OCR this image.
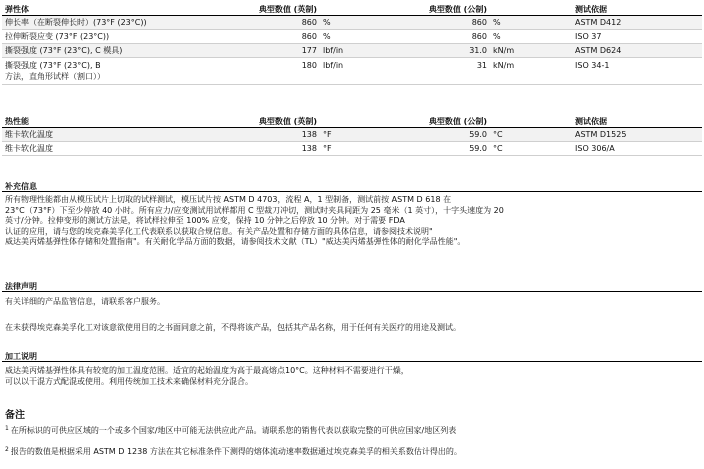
弹性体	典型数值 (英制)		典型数值 (公制)		测试依据
伸长率（在断裂伸长时）(73°F (23°C))	860	%	860	%	ASTM D412
拉伸断裂应变 (73°F (23°C))	860	%	860	%	ISO 37
撕裂强度 (73°F (23°C), C 模具)	177	lbf/in	31.0	kN/m	ASTM D624
撕裂强度 (73°F (23°C), B
方法，直角形试样（割口））	180	lbf/in	31	kN/m	ISO 34-1
热性能	典型数值 (英制)		典型数值 (公制)		测试依据
维卡软化温度	138	°F	59.0	°C	ASTM D1525
维卡软化温度	138	°F	59.0	°C	ISO 306/A
补充信息
所有物理性能都由从模压试片上切取的试样测试，模压试片按 ASTM D 4703，流程 A，1 型制备，测试前按 ASTM D 618 在
23°C（73°F）下至少停放 40 小时。所有应力/应变测试用试样都用 C 型裁刀冲切，测试时夹具间距为 25 毫米（1 英寸），十字头速度为 20
英寸/分钟。拉伸变形的测试方法是，将试样拉伸至 100% 应变，保持 10 分钟之后停放 10 分钟。对于需要 FDA
认证的应用，请与您的埃克森美孚化工代表联系以获取合规信息。有关产品处置和存储方面的具体信息，请参阅技术说明"
威达美丙烯基弹性体存储和处置指南"。有关耐化学品方面的数据，请参阅技术文献（TL）"威达美丙烯基弹性体的耐化学品性能"。
法律声明
有关详细的产品监管信息，请联系客户服务。
在未获得埃克森美孚化工对该意欲使用目的之书面同意之前，不得将该产品，包括其产品名称，用于任何有关医疗的用途及测试。
加工说明
威达美丙烯基弹性体具有较宽的加工温度范围。适宜的起始温度为高于最高熔点10°C。这种材料不需要进行干燥，
可以以干混方式配混或使用。利用传统加工技术来确保材料充分混合。
备注
$^1$ 在所标识的可供应区域的一个或多个国家/地区中可能无法供应此产品。请联系您的销售代表以获取完整的可供应国家/地区列表
$^2$ 报告的数值是根据采用 ASTM D 1238 方法在其它标准条件下测得的熔体流动速率数据通过埃克森美孚的相关系数估计得出的。
